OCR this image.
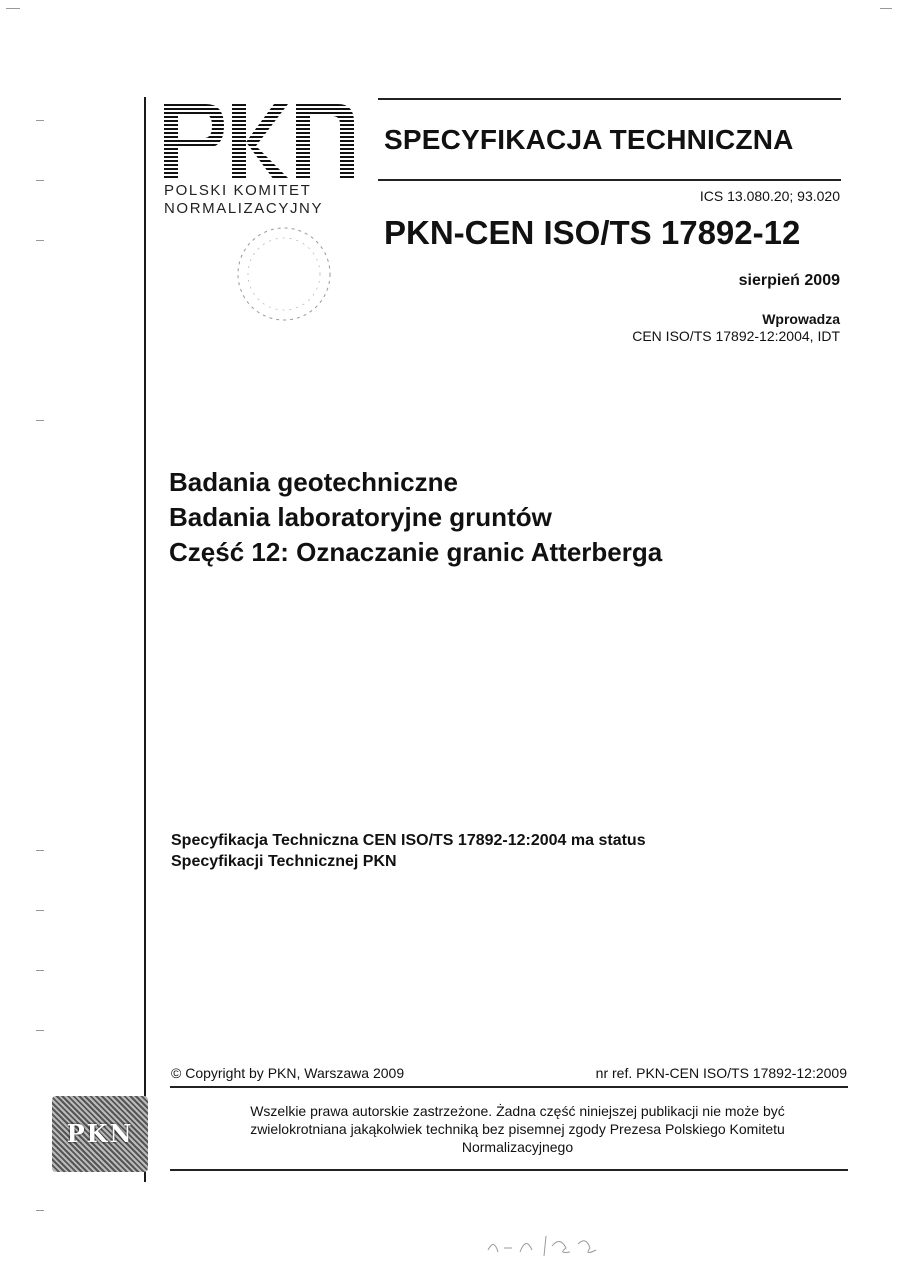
POLSKI KOMITET
NORMALIZACYJNY
SPECYFIKACJA TECHNICZNA
ICS 13.080.20; 93.020
PKN-CEN ISO/TS 17892-12
sierpień 2009
Wprowadza
CEN ISO/TS 17892-12:2004, IDT
Badania geotechniczne
Badania laboratoryjne gruntów
Część 12: Oznaczanie granic Atterberga
Specyfikacja Techniczna CEN ISO/TS 17892-12:2004 ma status
Specyfikacji Technicznej PKN
© Copyright by PKN, Warszawa 2009	nr ref. PKN-CEN ISO/TS 17892-12:2009
PKN
Wszelkie prawa autorskie zastrzeżone. Żadna część niniejszej publikacji nie może być
zwielokrotniana jakąkolwiek techniką bez pisemnej zgody Prezesa Polskiego Komitetu
Normalizacyjnego
